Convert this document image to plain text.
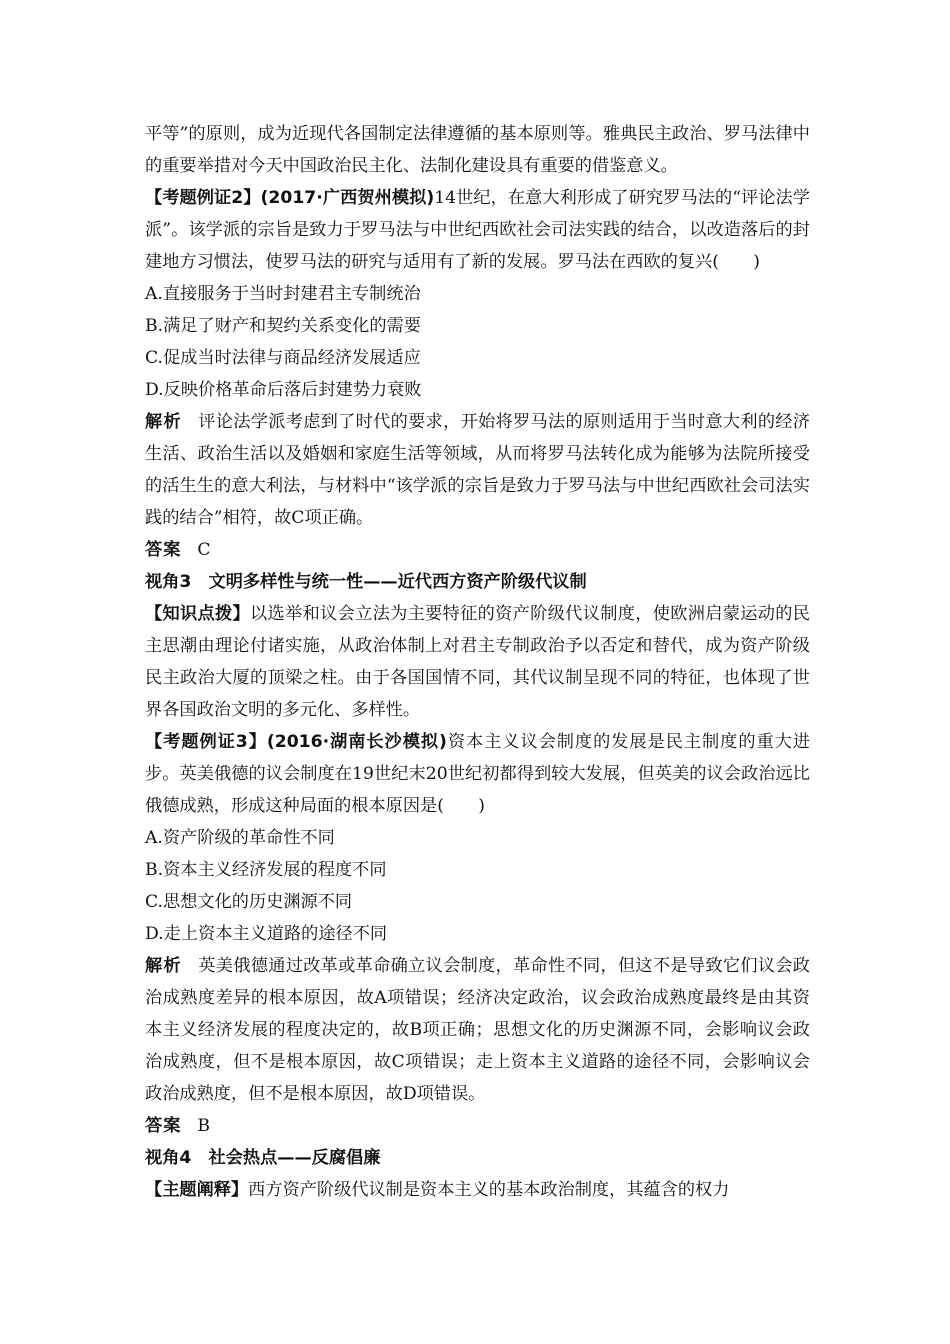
平等”的原则，成为近现代各国制定法律遵循的基本原则等。雅典民主政治、罗马法律中的重要举措对今天中国政治民主化、法制化建设具有重要的借鉴意义。

【考题例证2】(2017·广西贺州模拟)14世纪，在意大利形成了研究罗马法的“评论法学派”。该学派的宗旨是致力于罗马法与中世纪西欧社会司法实践的结合，以改造落后的封建地方习惯法，使罗马法的研究与适用有了新的发展。罗马法在西欧的复兴(　　)

A.直接服务于当时封建君主专制统治

B.满足了财产和契约关系变化的需要

C.促成当时法律与商品经济发展适应

D.反映价格革命后落后封建势力衰败

解析 评论法学派考虑到了时代的要求，开始将罗马法的原则适用于当时意大利的经济生活、政治生活以及婚姻和家庭生活等领域，从而将罗马法转化成为能够为法院所接受的活生生的意大利法，与材料中“该学派的宗旨是致力于罗马法与中世纪西欧社会司法实践的结合”相符，故C项正确。

答案 C

视角3　文明多样性与统一性——近代西方资产阶级代议制

【知识点拨】以选举和议会立法为主要特征的资产阶级代议制度，使欧洲启蒙运动的民主思潮由理论付诸实施，从政治体制上对君主专制政治予以否定和替代，成为资产阶级民主政治大厦的顶梁之柱。由于各国国情不同，其代议制呈现不同的特征，也体现了世界各国政治文明的多元化、多样性。

【考题例证3】(2016·湖南长沙模拟)资本主义议会制度的发展是民主制度的重大进步。英美俄德的议会制度在19世纪末20世纪初都得到较大发展，但英美的议会政治远比俄德成熟，形成这种局面的根本原因是(　　)

A.资产阶级的革命性不同

B.资本主义经济发展的程度不同

C.思想文化的历史渊源不同

D.走上资本主义道路的途径不同

解析 英美俄德通过改革或革命确立议会制度，革命性不同，但这不是导致它们议会政治成熟度差异的根本原因，故A项错误；经济决定政治，议会政治成熟度最终是由其资本主义经济发展的程度决定的，故B项正确；思想文化的历史渊源不同，会影响议会政治成熟度，但不是根本原因，故C项错误；走上资本主义道路的途径不同，会影响议会政治成熟度，但不是根本原因，故D项错误。

答案 B

视角4　社会热点——反腐倡廉

【主题阐释】西方资产阶级代议制是资本主义的基本政治制度，其蕴含的权力
